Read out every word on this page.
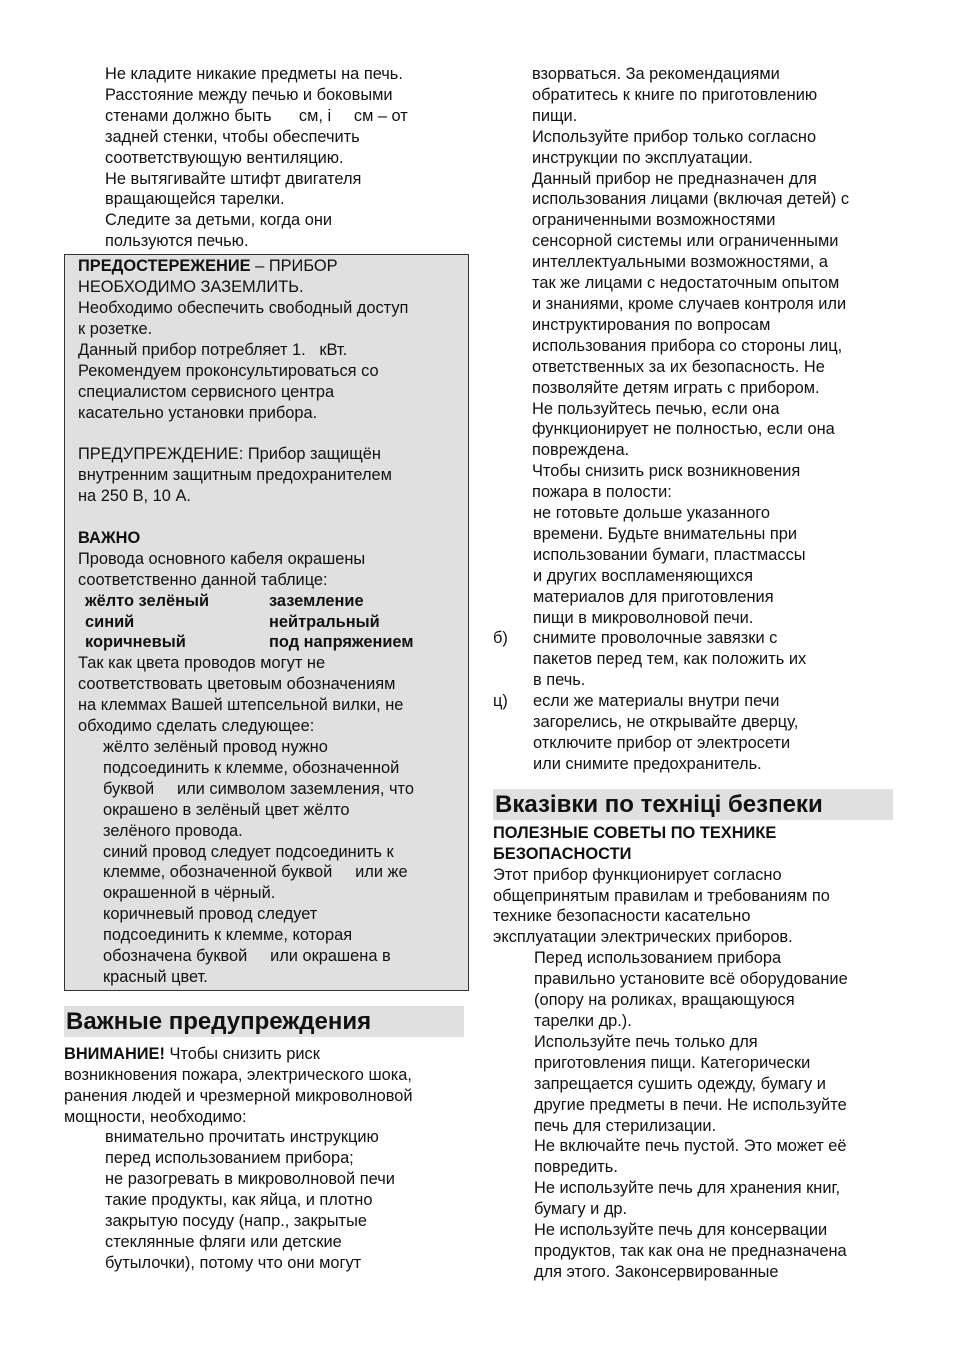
Не кладите никакие предметы на печь.

Расстояние между печью и боковыми

стенами должно быть      см, і     см – от

задней стенки, чтобы обеспечить

соответствующую вентиляцию.

Не вытягивайте штифт двигателя

вращающейся тарелки.

Следите за детьми, когда они

пользуются печью.

ПРЕДОСТЕРЕЖЕНИЕ – ПРИБОР

НЕОБХОДИМО ЗАЗЕМЛИТЬ.

Необходимо обеспечить свободный доступ

к розетке.

Данный прибор потребляет 1.   кВт.

Рекомендуем проконсультироваться со

специалистом сервисного центра

касательно установки прибора.

ПРЕДУПРЕЖДЕНИЕ: Прибор защищён

внутренним защитным предохранителем

на 250 В, 10 А.

ВАЖНО

Провода основного кабеля окрашены

соответственно данной таблице:

жёлто зелёный	заземление
синий	нейтральный
коричневый	под напряжением

Так как цвета проводов могут не

соответствовать цветовым обозначениям

на клеммах Вашей штепсельной вилки, не

обходимо сделать следующее:

жёлто зелёный провод нужно

подсоединить к клемме, обозначенной

буквой     или символом заземления, что

окрашено в зелёный цвет жёлто

зелёного провода.

синий провод следует подсоединить к

клемме, обозначенной буквой     или же

окрашенной в чёрный.

коричневый провод следует

подсоединить к клемме, которая

обозначена буквой     или окрашена в

красный цвет.

Важные предупреждения

ВНИМАНИЕ! Чтобы снизить риск

возникновения пожара, электрического шока,

ранения людей и чрезмерной микроволновой

мощности, необходимо:

внимательно прочитать инструкцию

перед использованием прибора;

не разогревать в микроволновой печи

такие продукты, как яйца, и плотно

закрытую посуду (напр., закрытые

стеклянные фляги или детские

бутылочки), потому что они могут

взорваться. За рекомендациями

обратитесь к книге по приготовлению

пищи.

Используйте прибор только согласно

инструкции по эксплуатации.

Данный прибор не предназначен для

использования лицами (включая детей) с

ограниченными возможностями

сенсорной системы или ограниченными

интеллектуальными возможностями, а

так же лицами с недостаточным опытом

и знаниями, кроме случаев контроля или

инструктирования по вопросам

использования прибора со стороны лиц,

ответственных за их безопасность. Не

позволяйте детям играть с прибором.

Не пользуйтесь печью, если она

функционирует не полностью, если она

повреждена.

Чтобы снизить риск возникновения

пожара в полости:

не готовьте дольше указанного

времени. Будьте внимательны при

использовании бумаги, пластмассы

и других воспламеняющихся

материалов для приготовления

пищи в микроволновой печи.

б)	снимите проволочные завязки с

пакетов перед тем, как положить их

в печь.

ц)	если же материалы внутри печи

загорелись, не открывайте дверцу,

отключите прибор от электросети

или снимите предохранитель.

Вказівки по техніці безпеки

ПОЛЕЗНЫЕ СОВЕТЫ ПО ТЕХНИКЕ

БЕЗОПАСНОСТИ

Этот прибор функционирует согласно

общепринятым правилам и требованиям по

технике безопасности касательно

эксплуатации электрических приборов.

Перед использованием прибора

правильно установите всё оборудование

(опору на роликах, вращающуюся

тарелки др.).

Используйте печь только для

приготовления пищи. Категорически

запрещается сушить одежду, бумагу и

другие предметы в печи. Не используйте

печь для стерилизации.

Не включайте печь пустой. Это может её

повредить.

Не используйте печь для хранения книг,

бумагу и др.

Не используйте печь для консервации

продуктов, так как она не предназначена

для этого. Законсервированные
